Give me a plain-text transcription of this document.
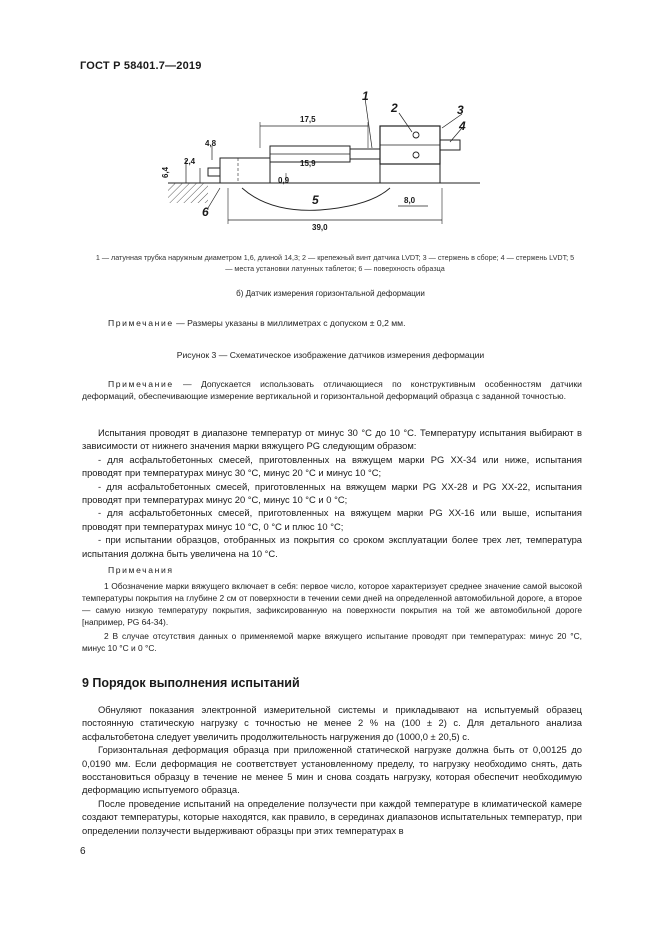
ГОСТ Р 58401.7—2019
1
2	3
4
5
6
17,5
15,9
4,8
2,4
6,4
0,9
8,0
39,0
1 — латунная трубка наружным диаметром 1,6, длиной 14,3; 2 — крепежный винт датчика LVDT; 3 — стержень в сборе; 4 — стержень LVDT; 5 — места установки латунных таблеток; 6 — поверхность образца
б) Датчик измерения горизонтальной деформации
Примечание — Размеры указаны в миллиметрах с допуском ± 0,2 мм.
Рисунок 3 — Схематическое изображение датчиков измерения деформации
Примечание — Допускается использовать отличающиеся по конструктивным особенностям датчики деформаций, обеспечивающие измерение вертикальной и горизонтальной деформаций образца с заданной точностью.

Испытания проводят в диапазоне температур от минус 30 °С до 10 °С. Температуру испытания выбирают в зависимости от нижнего значения марки вяжущего PG следующим образом:

- для асфальтобетонных смесей, приготовленных на вяжущем марки PG XX-34 или ниже, испытания проводят при температурах минус 30 °С, минус 20 °С и минус 10 °С;

- для асфальтобетонных смесей, приготовленных на вяжущем марки PG XX-28 и PG XX-22, испытания проводят при температурах минус 20 °С, минус 10 °С и 0 °С;

- для асфальтобетонных смесей, приготовленных на вяжущем марки PG XX-16 или выше, испытания проводят при температурах минус 10 °С, 0 °С и плюс 10 °С;

- при испытании образцов, отобранных из покрытия со сроком эксплуатации более трех лет, температура испытания должна быть увеличена на 10 °С.

Примечания

1 Обозначение марки вяжущего включает в себя: первое число, которое характеризует среднее значение самой высокой температуры покрытия на глубине 2 см от поверхности в течении семи дней на определенной автомобильной дороге, а второе — самую низкую температуру покрытия, зафиксированную на поверхности покрытия на той же автомобильной дороге [например, PG 64-34).

2 В случае отсутствия данных о применяемой марке вяжущего испытание проводят при температурах: минус 20 °С, минус 10 °С и 0 °С.

9 Порядок выполнения испытаний

Обнуляют показания электронной измерительной системы и прикладывают на испытуемый образец постоянную статическую нагрузку с точностью не менее 2 % на (100 ± 2) с. Для детального анализа асфальтобетона следует увеличить продолжительность нагружения до (1000,0 ± 20,5) с.

Горизонтальная деформация образца при приложенной статической нагрузке должна быть от 0,00125 до 0,0190 мм. Если деформация не соответствует установленному пределу, то нагрузку необходимо снять, дать восстановиться образцу в течение не менее 5 мин и снова создать нагрузку, которая обеспечит необходимую деформацию испытуемого образца.

После проведение испытаний на определение ползучести при каждой температуре в климатической камере создают температуры, которые находятся, как правило, в серединах диапазонов испытательных температур, при определении ползучести выдерживают образцы при этих температурах в

6
